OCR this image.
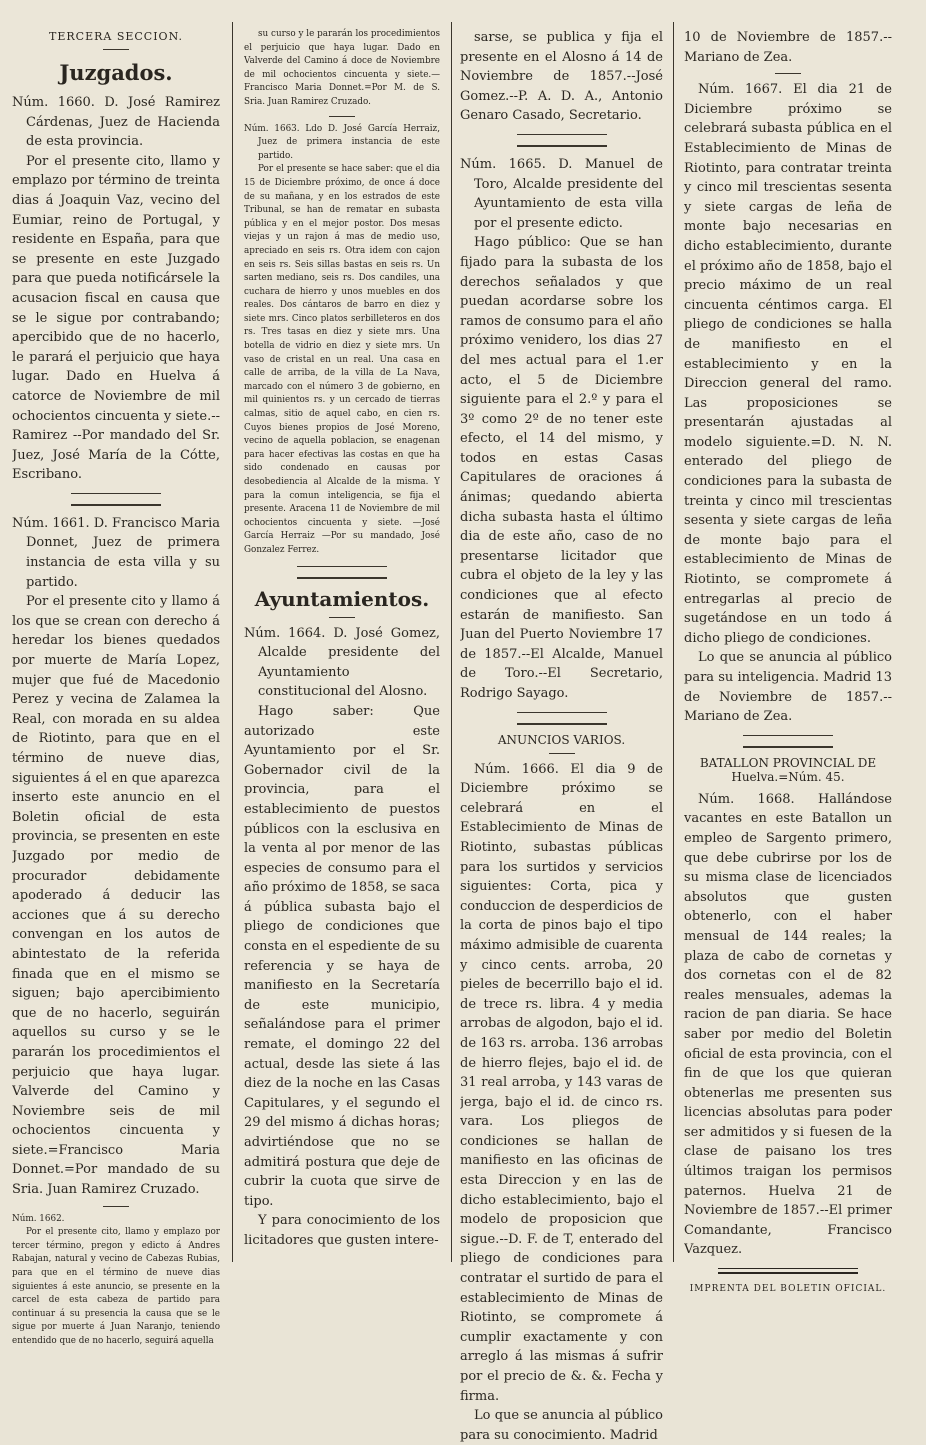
TERCERA SECCION.
Juzgados.

Núm. 1660. D. José Ramirez Cárdenas, Juez de Hacienda de esta provincia.

Por el presente cito, llamo y emplazo por término de treinta dias á Joaquin Vaz, vecino del Eumiar, reino de Portugal, y residente en España, para que se presente en este Juzgado para que pueda notificársele la acusacion fiscal en causa que se le sigue por contrabando; apercibido que de no hacerlo, le parará el perjuicio que haya lugar. Dado en Huelva á catorce de Noviembre de mil ochocientos cincuenta y siete.--Ramirez --Por mandado del Sr. Juez, José María de la Cótte, Escribano.

Núm. 1661. D. Francisco Maria Donnet, Juez de primera instancia de esta villa y su partido.

Por el presente cito y llamo á los que se crean con derecho á heredar los bienes quedados por muerte de María Lopez, mujer que fué de Macedonio Perez y vecina de Zalamea la Real, con morada en su aldea de Riotinto, para que en el término de nueve dias, siguientes á el en que aparezca inserto este anuncio en el Boletin oficial de esta provincia, se presenten en este Juzgado por medio de procurador debidamente apoderado á deducir las acciones que á su derecho convengan en los autos de abintestato de la referida finada que en el mismo se siguen; bajo apercibimiento que de no hacerlo, seguirán aquellos su curso y se le pararán los procedimientos el perjuicio que haya lugar. Valverde del Camino y Noviembre seis de mil ochocientos cincuenta y siete.=Francisco Maria Donnet.=Por mandado de su Sria. Juan Ramirez Cruzado.

Núm. 1662.

Por el presente cito, llamo y emplazo por tercer término, pregon y edicto á Andres Rabajan, natural y vecino de Cabezas Rubias, para que en el término de nueve dias siguientes á este anuncio, se presente en la carcel de esta cabeza de partido para continuar á su presencia la causa que se le sigue por muerte á Juan Naranjo, teniendo entendido que de no hacerlo, seguirá aquella

su curso y le pararán los procedimientos el perjuicio que haya lugar. Dado en Valverde del Camino á doce de Noviembre de mil ochocientos cincuenta y siete.—Francisco Maria Donnet.=Por M. de S. Sria. Juan Ramirez Cruzado.

Núm. 1663. Ldo D. José García Herraiz, Juez de primera instancia de este partido.

Por el presente se hace saber: que el dia 15 de Diciembre próximo, de once á doce de su mañana, y en los estrados de este Tribunal, se han de rematar en subasta pública y en el mejor postor. Dos mesas viejas y un rajon á mas de medio uso, apreciado en seis rs. Otra idem con cajon en seis rs. Seis sillas bastas en seis rs. Un sarten mediano, seis rs. Dos candiles, una cuchara de hierro y unos muebles en dos reales. Dos cántaros de barro en diez y siete mrs. Cinco platos serbilleteros en dos rs. Tres tasas en diez y siete mrs. Una botella de vidrio en diez y siete mrs. Un vaso de cristal en un real. Una casa en calle de arriba, de la villa de La Nava, marcado con el número 3 de gobierno, en mil quinientos rs. y un cercado de tierras calmas, sitio de aquel cabo, en cien rs. Cuyos bienes propios de José Moreno, vecino de aquella poblacion, se enagenan para hacer efectivas las costas en que ha sido condenado en causas por desobediencia al Alcalde de la misma. Y para la comun inteligencia, se fija el presente. Aracena 11 de Noviembre de mil ochocientos cincuenta y siete. —José García Herraiz —Por su mandado, José Gonzalez Ferrez.

Ayuntamientos.

Núm. 1664. D. José Gomez, Alcalde presidente del Ayuntamiento constitucional del Alosno.

Hago saber: Que autorizado este Ayuntamiento por el Sr. Gobernador civil de la provincia, para el establecimiento de puestos públicos con la esclusiva en la venta al por menor de las especies de consumo para el año próximo de 1858, se saca á pública subasta bajo el pliego de condiciones que consta en el espediente de su referencia y se haya de manifiesto en la Secretaría de este municipio, señalándose para el primer remate, el domingo 22 del actual, desde las siete á las diez de la noche en las Casas Capitulares, y el segundo el 29 del mismo á dichas horas; advirtiéndose que no se admitirá postura que deje de cubrir la cuota que sirve de tipo.

Y para conocimiento de los licitadores que gusten intere-

sarse, se publica y fija el presente en el Alosno á 14 de Noviembre de 1857.--José Gomez.--P. A. D. A., Antonio Genaro Casado, Secretario.

Núm. 1665. D. Manuel de Toro, Alcalde presidente del Ayuntamiento de esta villa por el presente edicto.

Hago público: Que se han fijado para la subasta de los derechos señalados y que puedan acordarse sobre los ramos de consumo para el año próximo venidero, los dias 27 del mes actual para el 1.er acto, el 5 de Diciembre siguiente para el 2.º y para el 3º como 2º de no tener este efecto, el 14 del mismo, y todos en estas Casas Capitulares de oraciones á ánimas; quedando abierta dicha subasta hasta el último dia de este año, caso de no presentarse licitador que cubra el objeto de la ley y las condiciones que al efecto estarán de manifiesto. San Juan del Puerto Noviembre 17 de 1857.--El Alcalde, Manuel de Toro.--El Secretario, Rodrigo Sayago.

ANUNCIOS VARIOS.

Núm. 1666. El dia 9 de Diciembre próximo se celebrará en el Establecimiento de Minas de Riotinto, subastas públicas para los surtidos y servicios siguientes: Corta, pica y conduccion de desperdicios de la corta de pinos bajo el tipo máximo admisible de cuarenta y cinco cents. arroba, 20 pieles de becerrillo bajo el id. de trece rs. libra. 4 y media arrobas de algodon, bajo el id. de 163 rs. arroba. 136 arrobas de hierro flejes, bajo el id. de 31 real arroba, y 143 varas de jerga, bajo el id. de cinco rs. vara. Los pliegos de condiciones se hallan de manifiesto en las oficinas de esta Direccion y en las de dicho establecimiento, bajo el modelo de proposicion que sigue.--D. F. de T, enterado del pliego de condiciones para contratar el surtido de para el establecimiento de Minas de Riotinto, se compromete á cumplir exactamente y con arreglo á las mismas á sufrir por el precio de &. &. Fecha y firma.

Lo que se anuncia al público para su conocimiento. Madrid

10 de Noviembre de 1857.-- Mariano de Zea.

Núm. 1667. El dia 21 de Diciembre próximo se celebrará subasta pública en el Establecimiento de Minas de Riotinto, para contratar treinta y cinco mil trescientas sesenta y siete cargas de leña de monte bajo necesarias en dicho establecimiento, durante el próximo año de 1858, bajo el precio máximo de un real cincuenta céntimos carga. El pliego de condiciones se halla de manifiesto en el establecimiento y en la Direccion general del ramo. Las proposiciones se presentarán ajustadas al modelo siguiente.=D. N. N. enterado del pliego de condiciones para la subasta de treinta y cinco mil trescientas sesenta y siete cargas de leña de monte bajo para el establecimiento de Minas de Riotinto, se compromete á entregarlas al precio de sugetándose en un todo á dicho pliego de condiciones.

Lo que se anuncia al público para su inteligencia. Madrid 13 de Noviembre de 1857.-- Mariano de Zea.

BATALLON PROVINCIAL DE
Huelva.=Núm. 45.

Núm. 1668. Hallándose vacantes en este Batallon un empleo de Sargento primero, que debe cubrirse por los de su misma clase de licenciados absolutos que gusten obtenerlo, con el haber mensual de 144 reales; la plaza de cabo de cornetas y dos cornetas con el de 82 reales mensuales, ademas la racion de pan diaria. Se hace saber por medio del Boletin oficial de esta provincia, con el fin de que los que quieran obtenerlas me presenten sus licencias absolutas para poder ser admitidos y si fuesen de la clase de paisano los tres últimos traigan los permisos paternos. Huelva 21 de Noviembre de 1857.--El primer Comandante, Francisco Vazquez.

IMPRENTA DEL BOLETIN OFICIAL.
